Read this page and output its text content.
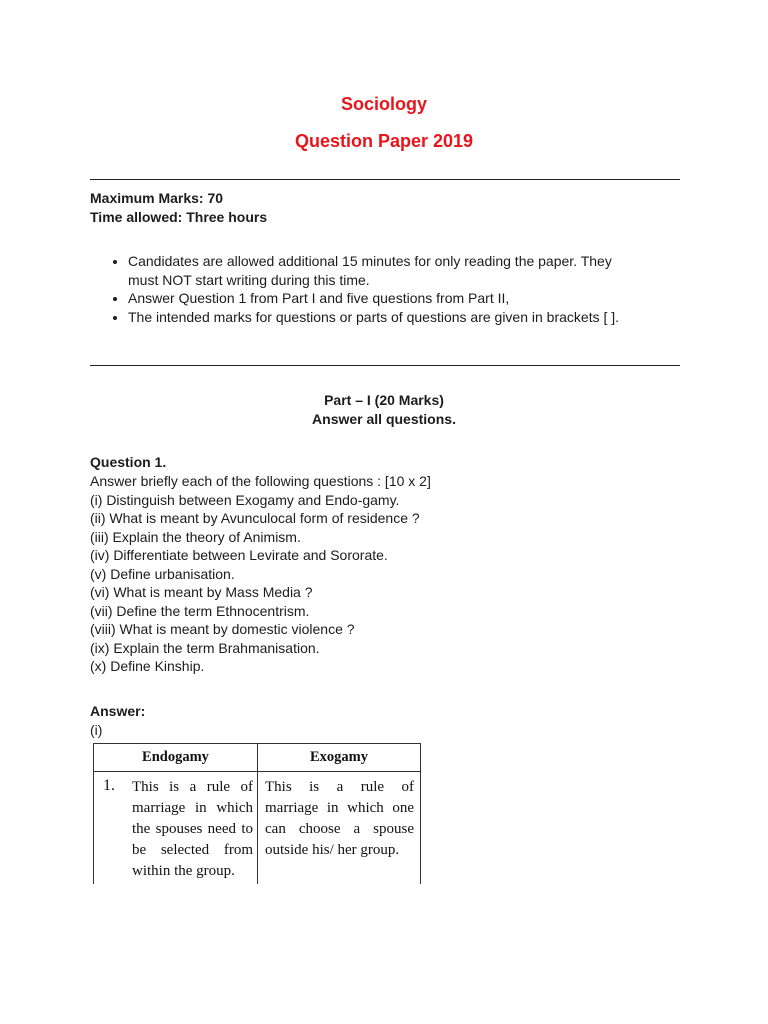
Sociology
Question Paper 2019
Maximum Marks: 70
Time allowed: Three hours
• Candidates are allowed additional 15 minutes for only reading the paper. They
must NOT start writing during this time.
• Answer Question 1 from Part I and five questions from Part II,
• The intended marks for questions or parts of questions are given in brackets [ ].
Part – I (20 Marks)
Answer all questions.
Question 1.
Answer briefly each of the following questions : [10 x 2]
(i) Distinguish between Exogamy and Endo-gamy.
(ii) What is meant by Avunculocal form of residence ?
(iii) Explain the theory of Animism.
(iv) Differentiate between Levirate and Sororate.
(v) Define urbanisation.
(vi) What is meant by Mass Media ?
(vii) Define the term Ethnocentrism.
(viii) What is meant by domestic violence ?
(ix) Explain the term Brahmanisation.
(x) Define Kinship.
Answer:
(i)
Endogamy	Exogamy
1. This is a rule of
marriage in which
the spouses need to
be selected from
within the group.
This is a rule of
marriage in which one
can choose a spouse
outside his/ her group.
